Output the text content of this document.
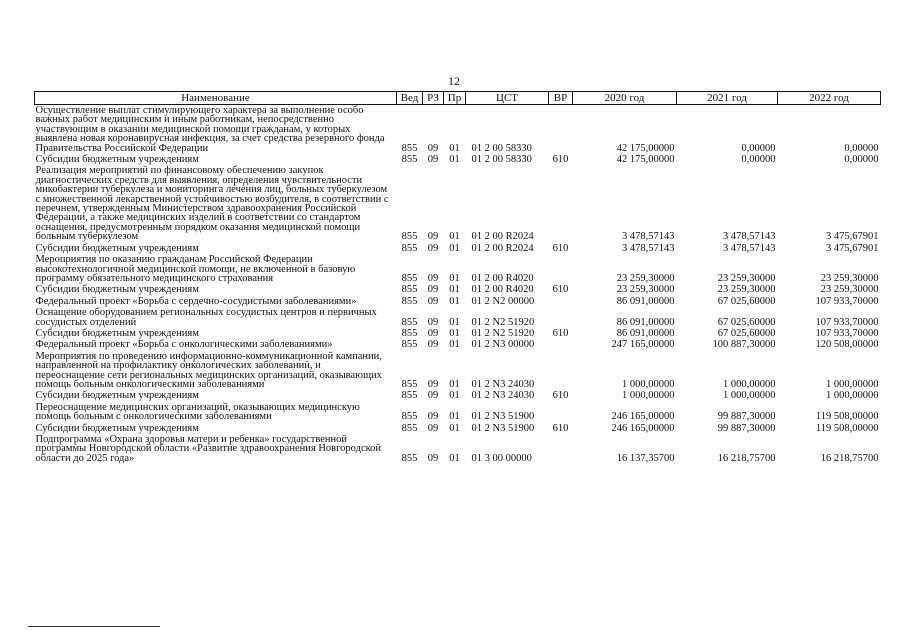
12
Наименование	Вед	РЗ	Пр	ЦСТ	ВР	2020 год	2021 год	2022 год
Осуществление выплат стимулирующего характера за выполнение особо важных работ медицинским и иным работникам, непосредственно участвующим в оказании медицинской помощи гражданам, у которых выявлена новая коронавирусная инфекция, за счет средства резервного фонда Правительства Российской Федерации	855	09	01	01 2 00 58330		42 175,00000	0,00000	0,00000
Субсидии бюджетным учреждениям	855	09	01	01 2 00 58330	610	42 175,00000	0,00000	0,00000
Реализация мероприятий по финансовому обеспечению закупок диагностических средств для выявления, определения чувствительности микобактерии туберкулеза и мониторинга лечения лиц, больных туберкулезом с множественной лекарственной устойчивостью возбудителя, в соответствии с перечнем, утвержденным Министерством здравоохранения Российской Федерации, а также медицинских изделий в соответствии со стандартом оснащения, предусмотренным порядком оказания медицинской помощи больным туберкулезом	855	09	01	01 2 00 R2024		3 478,57143	3 478,57143	3 475,67901
Субсидии бюджетным учреждениям	855	09	01	01 2 00 R2024	610	3 478,57143	3 478,57143	3 475,67901
Мероприятия по оказанию гражданам Российской Федерации высокотехнологичной медицинской помощи, не включенной в базовую программу обязательного медицинского страхования	855	09	01	01 2 00 R4020		23 259,30000	23 259,30000	23 259,30000
Субсидии бюджетным учреждениям	855	09	01	01 2 00 R4020	610	23 259,30000	23 259,30000	23 259,30000
Федеральный проект «Борьба с сердечно-сосудистыми заболеваниями»	855	09	01	01 2 N2 00000		86 091,00000	67 025,60000	107 933,70000
Оснащение оборудованием региональных сосудистых центров и первичных сосудистых отделений	855	09	01	01 2 N2 51920		86 091,00000	67 025,60000	107 933,70000
Субсидии бюджетным учреждениям	855	09	01	01 2 N2 51920	610	86 091,00000	67 025,60000	107 933,70000
Федеральный проект «Борьба с онкологическими заболеваниями»	855	09	01	01 2 N3 00000		247 165,00000	100 887,30000	120 508,00000
Мероприятия по проведению информационно-коммуникационной кампании, направленной на профилактику онкологических заболеваний, и переоснащение сети региональных медицинских организаций, оказывающих помощь больным онкологическими заболеваниями	855	09	01	01 2 N3 24030		1 000,00000	1 000,00000	1 000,00000
Субсидии бюджетным учреждениям	855	09	01	01 2 N3 24030	610	1 000,00000	1 000,00000	1 000,00000
Переоснащение медицинских организаций, оказывающих медицинскую помощь больным с онкологическими заболеваниями	855	09	01	01 2 N3 51900		246 165,00000	99 887,30000	119 508,00000
Субсидии бюджетным учреждениям	855	09	01	01 2 N3 51900	610	246 165,00000	99 887,30000	119 508,00000
Подпрограмма «Охрана здоровья матери и ребенка» государственной программы Новгородской области «Развитие здравоохранения Новгородской области до 2025 года»	855	09	01	01 3 00 00000		16 137,35700	16 218,75700	16 218,75700
